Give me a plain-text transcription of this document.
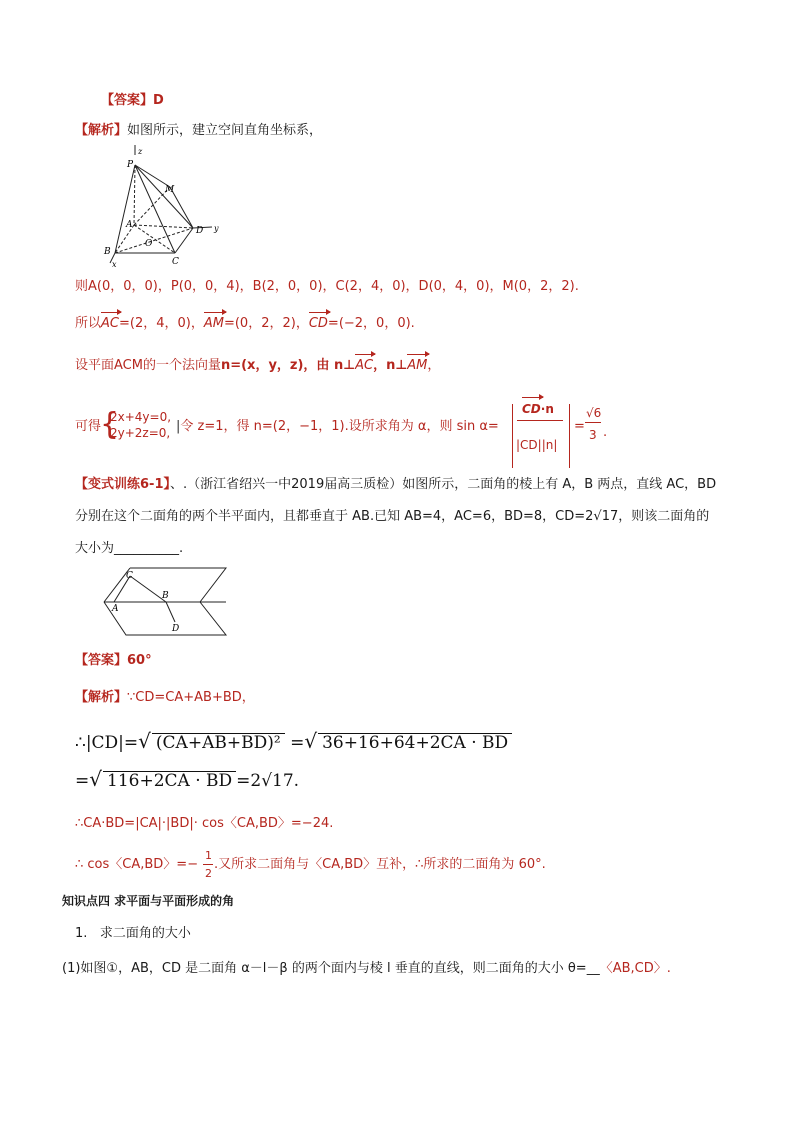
【答案】D
【解析】如图所示，建立空间直角坐标系，
P
z
M
A
O
D y
B
C
x
则A(0，0，0)，P(0，0，4)，B(2，0，0)，C(2，4，0)，D(0，4，0)，M(0，2，2).
所以AC=(2，4，0)，AM=(0，2，2)，CD=(−2，0，0).
设平面ACM的一个法向量n=(x，y，z)，由 n⊥AC，n⊥AM，
可得
{
2x+4y=0,
2y+2z=0, |令 z=1，得 n=(2，−1，1).设所求角为 α，则 sin α=
CD·n
|CD||n|
=
√6
3 .
【变式训练6-1】、.（浙江省绍兴一中2019届高三质检）如图所示，二面角的棱上有 A，B 两点，直线 AC，BD
分别在这个二面角的两个半平面内，且都垂直于 AB.已知 AB=4，AC=6，BD=8，CD=2√17，则该二面角的
大小为__________.
C
A
B
D
【答案】60°
【解析】∵CD=CA+AB+BD，
∴|CD|=√ (CA+AB+BD)² =√ 36+16+64+2CA · BD
=√ 116+2CA · BD =2√17.
∴CA·BD=|CA|·|BD|· cos〈CA,BD〉=−24.
∴ cos〈CA,BD〉=−
1
2
.又所求二面角与〈CA,BD〉互补，∴所求的二面角为 60°.
知识点四 求平面与平面形成的角
1. 求二面角的大小
(1)如图①，AB，CD 是二面角 α－l－β 的两个面内与棱 l 垂直的直线，则二面角的大小 θ=__〈AB,CD〉.
